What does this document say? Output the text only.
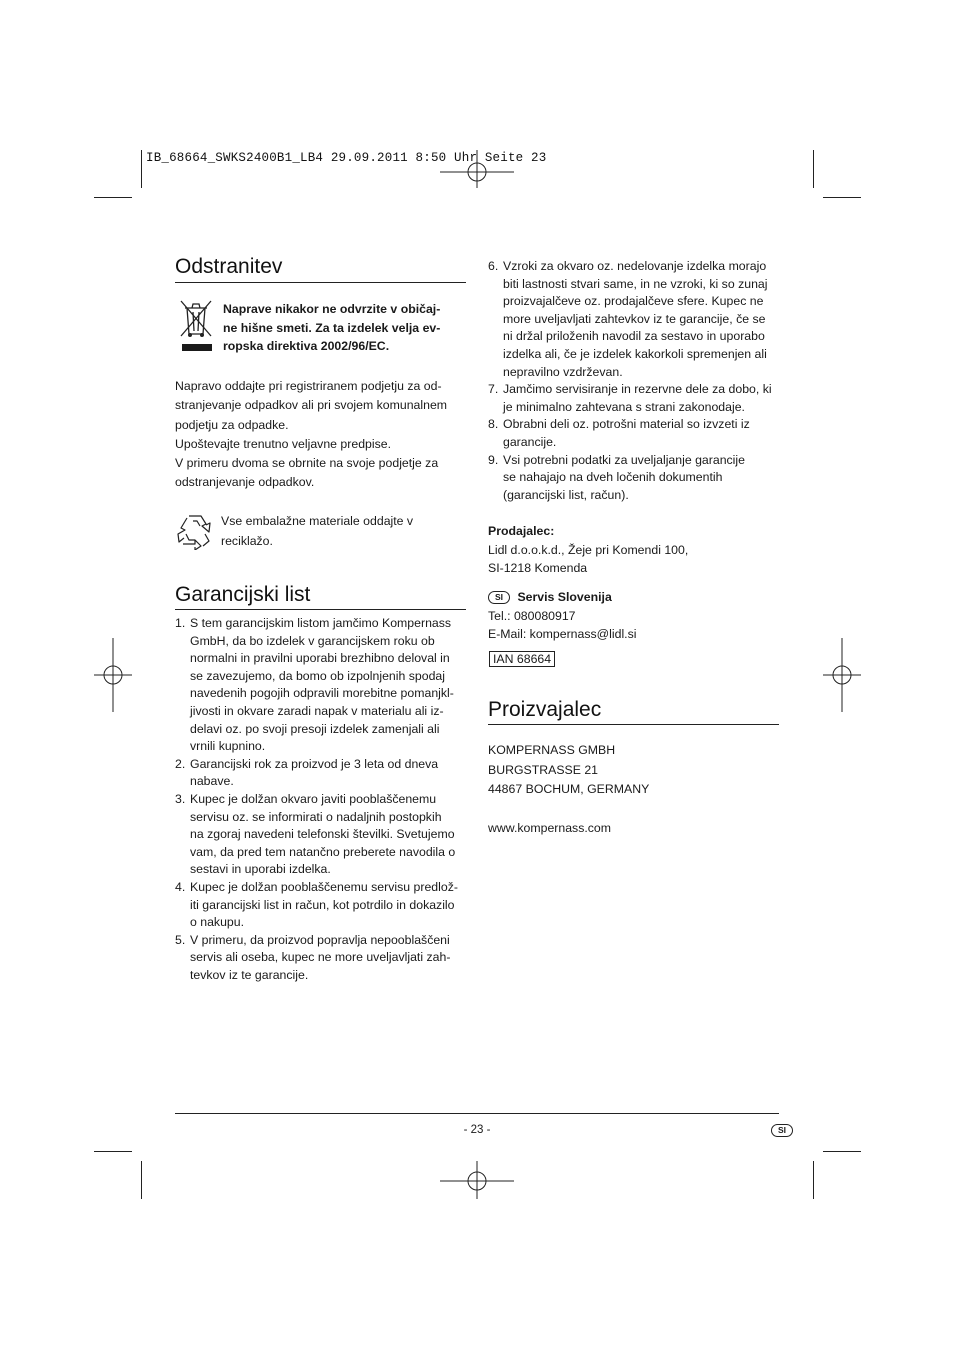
IB_68664_SWKS2400B1_LB4 29.09.2011 8:50 Uhr Seite 23
Odstranitev
Naprave nikakor ne odvrzite v običaj-
ne hišne smeti. Za ta izdelek velja ev-
ropska direktiva 2002/96/EC.
Napravo oddajte pri registriranem podjetju za od-
stranjevanje odpadkov ali pri svojem komunalnem
podjetju za odpadke.
Upoštevajte trenutno veljavne predpise.
V primeru dvoma se obrnite na svoje podjetje za
odstranjevanje odpadkov.
Vse embalažne materiale oddajte v
reciklažo.
Garancijski list
1. S tem garancijskim listom jamčimo Kompernass
GmbH, da bo izdelek v garancijskem roku ob
normalni in pravilni uporabi brezhibno deloval in
se zavezujemo, da bomo ob izpolnjenih spodaj
navedenih pogojih odpravili morebitne pomanjkl-
jivosti in okvare zaradi napak v materialu ali iz-
delavi oz. po svoji presoji izdelek zamenjali ali
vrnili kupnino.
2. Garancijski rok za proizvod je 3 leta od dneva
nabave.
3. Kupec je dolžan okvaro javiti pooblaščenemu
servisu oz. se informirati o nadaljnih postopkih
na zgoraj navedeni telefonski številki. Svetujemo
vam, da pred tem natančno preberete navodila o
sestavi in uporabi izdelka.
4. Kupec je dolžan pooblaščenemu servisu predlož-
iti garancijski list in račun, kot potrdilo in dokazilo
o nakupu.
5. V primeru, da proizvod popravlja nepooblaščeni
servis ali oseba, kupec ne more uveljavljati zah-
tevkov iz te garancije.
6. Vzroki za okvaro oz. nedelovanje izdelka morajo
biti lastnosti stvari same, in ne vzroki, ki so zunaj
proizvajalčeve oz. prodajalčeve sfere. Kupec ne
more uveljavljati zahtevkov iz te garancije, če se
ni držal priloženih navodil za sestavo in uporabo
izdelka ali, če je izdelek kakorkoli spremenjen ali
nepravilno vzdrževan.
7. Jamčimo servisiranje in rezervne dele za dobo, ki
je minimalno zahtevana s strani zakonodaje.
8. Obrabni deli oz. potrošni material so izvzeti iz
garancije.
9. Vsi potrebni podatki za uveljaljanje garancije
se nahajajo na dveh ločenih dokumentih
(garancijski list, račun).
Prodajalec:
Lidl d.o.o.k.d., Žeje pri Komendi 100,
SI-1218 Komenda
SI Servis Slovenija
Tel.: 080080917
E-Mail: kompernass@lidl.si
IAN 68664
Proizvajalec
KOMPERNASS GMBH
BURGSTRASSE 21
44867 BOCHUM, GERMANY
www.kompernass.com
- 23 -	SI
